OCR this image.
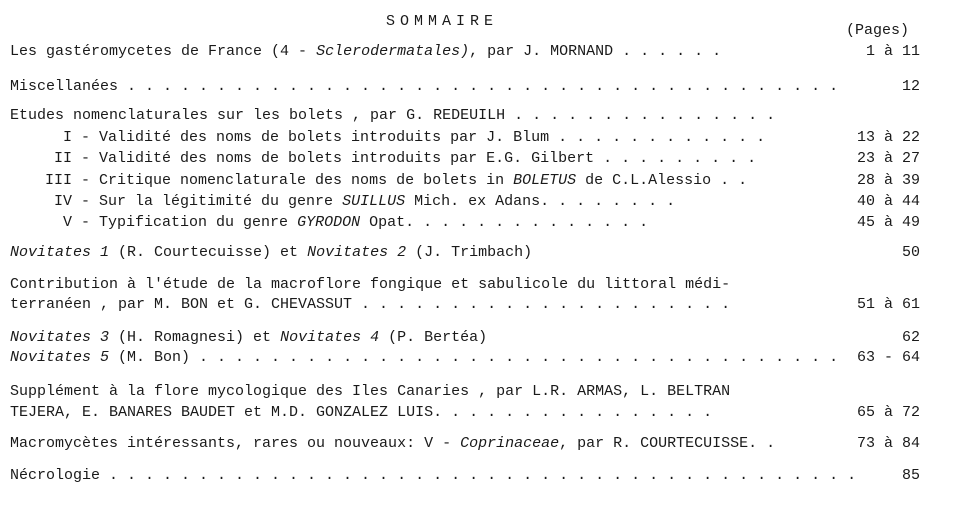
SOMMAIRE
(Pages)
Les gastéromycetes de France (4 - Sclerodermatales), par J. MORNAND . . . . . .	1 à 11
Miscellanées . . . . . . . . . . . . . . . . . . . . . . . . . . . . . . . . . . . . . . . .	12
Etudes nomenclaturales sur les bolets , par G. REDEUILH . . . . . . . . . . . . . . .
I - Validité des noms de bolets introduits par J. Blum . . . . . . . . . . . .	13 à 22
II - Validité des noms de bolets introduits par E.G. Gilbert . . . . . . . . .	23 à 27
III - Critique nomenclaturale des noms de bolets in BOLETUS de C.L.Alessio . .	28 à 39
IV - Sur la légitimité du genre SUILLUS Mich. ex Adans. . . . . . . .	40 à 44
V - Typification du genre GYRODON Opat. . . . . . . . . . . . . .	45 à 49
Novitates 1 (R. Courtecuisse) et Novitates 2 (J. Trimbach)	50
Contribution à l'étude de la macroflore fongique et sabulicole du littoral médi-
terranéen , par M. BON et G. CHEVASSUT . . . . . . . . . . . . . . . . . . . . .	51 à 61
Novitates 3 (H. Romagnesi) et Novitates 4 (P. Bertéa)	62
Novitates 5 (M. Bon) . . . . . . . . . . . . . . . . . . . . . . . . . . . . . . . . . . . . 63 - 64
Supplément à la flore mycologique des Iles Canaries , par L.R. ARMAS, L. BELTRAN
TEJERA, E. BANARES BAUDET et M.D. GONZALEZ LUIS. . . . . . . . . . . . . . . .	65 à 72
Macromycètes intéressants, rares ou nouveaux: V - Coprinaceae, par R. COURTECUISSE. .	73 à 84
Nécrologie . . . . . . . . . . . . . . . . . . . . . . . . . . . . . . . . . . . . . . . . . .	85
